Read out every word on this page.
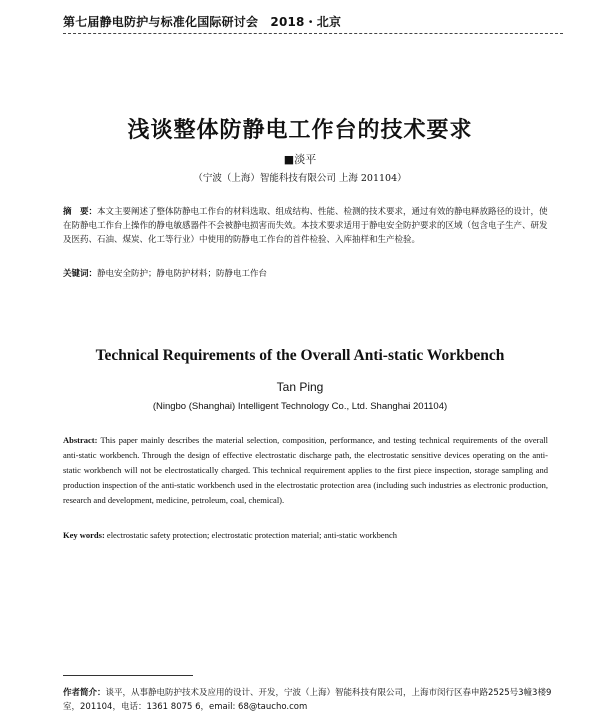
第七届静电防护与标准化国际研讨会　2018・北京
浅谈整体防静电工作台的技术要求
■淡平
（宁波（上海）智能科技有限公司 上海 201104）
摘　要：本文主要阐述了整体防静电工作台的材料选取、组成结构、性能、检测的技术要求，通过有效的静电释放路径的设计，使在防静电工作台上操作的静电敏感器件不会被静电损害而失效。本技术要求适用于静电安全防护要求的区域（包含电子生产、研发及医药、石油、煤炭、化工等行业）中使用的防静电工作台的首件检验、入库抽样和生产检验。
关键词：静电安全防护；静电防护材料；防静电工作台
Technical Requirements of the Overall Anti-static Workbench
Tan Ping
(Ningbo (Shanghai) Intelligent Technology Co., Ltd. Shanghai 201104)
Abstract: This paper mainly describes the material selection, composition, performance, and testing technical requirements of the overall anti-static workbench. Through the design of effective electrostatic discharge path, the electrostatic sensitive devices operating on the anti-static workbench will not be electrostatically charged. This technical requirement applies to the first piece inspection, storage sampling and production inspection of the anti-static workbench used in the electrostatic protection area (including such industries as electronic production, research and development, medicine, petroleum, coal, chemical).
Key words: electrostatic safety protection; electrostatic protection material; anti-static workbench
作者简介：谈平，从事静电防护技术及应用的设计、开发，宁波（上海）智能科技有限公司，上海市闵行区春申路2525号3幢3楼9室，201104，电话：1361 8075 6，email: 68@taucho.com
